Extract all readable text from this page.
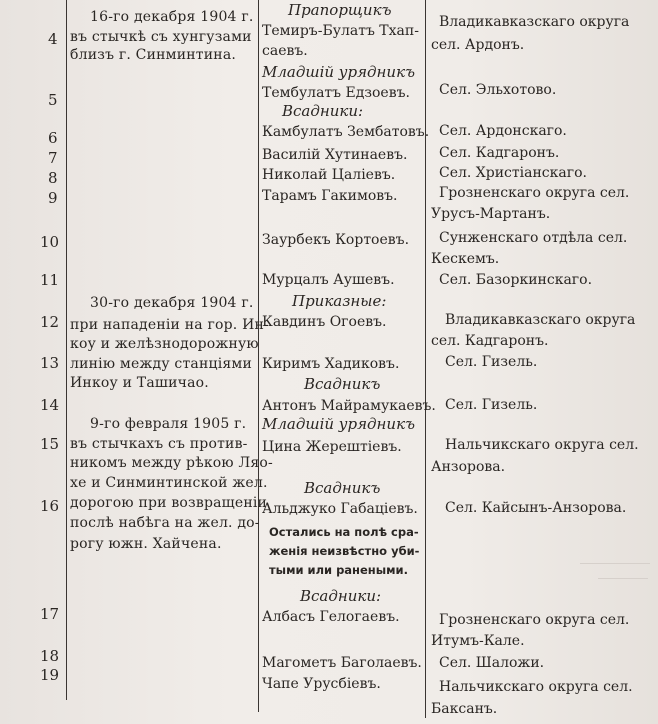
4
5
6
7
8
9
10
11
12
13
14
15
16
17
18
19
16-го декабря 1904 г.
въ стычкѣ съ хунгузами
близъ г. Синминтина.
30-го декабря 1904 г.
при нападеніи на гор. Ин-
коу и желѣзнодорожную
линію между станціями
Инкоу и Ташичао.
9-го февраля 1905 г.
въ стычкахъ съ против-
никомъ между рѣкою Ляо-
хе и Синминтинской жел.
дорогою при возвращеніи
послѣ набѣга на жел. до-
рогу южн. Хайчена.
Прапорщикъ
Младшій урядникъ
Всадники:
Приказные:
Всадникъ
Младшій урядникъ
Всадникъ
Всадники:
Темиръ-Булатъ Тхап-
саевъ.
Тембулатъ Едзоевъ.
Камбулатъ Зембатовъ.
Василій Хутинаевъ.
Николай Цаліевъ.
Тарамъ Гакимовъ.
Заурбекъ Кортоевъ.
Мурцалъ Аушевъ.
Кавдинъ Огоевъ.
Киримъ Хадиковъ.
Антонъ Майрамукаевъ.
Цина Жерештіевъ.
Альджуко Габаціевъ.
Албасъ Гелогаевъ.
Магометъ Баголаевъ.
Чапе Урусбіевъ.
Остались на полѣ сра-
женія неизвѣстно уби-
тыми или ранеными.
Владикавказскаго округа
сел. Ардонъ.
Сел. Эльхотово.
Сел. Ардонскаго.
Сел. Кадгаронъ.
Сел. Христіанскаго.
Грозненскаго округа сел.
Урусъ-Мартанъ.
Сунженскаго отдѣла сел.
Кескемъ.
Сел. Базоркинскаго.
Владикавказскаго округа
сел. Кадгаронъ.
Сел. Гизель.
Сел. Гизель.
Нальчикскаго округа сел.
Анзорова.
Сел. Кайсынъ-Анзорова.
Грозненскаго округа сел.
Итумъ-Кале.
Сел. Шаложи.
Нальчикскаго округа сел.
Баксанъ.
